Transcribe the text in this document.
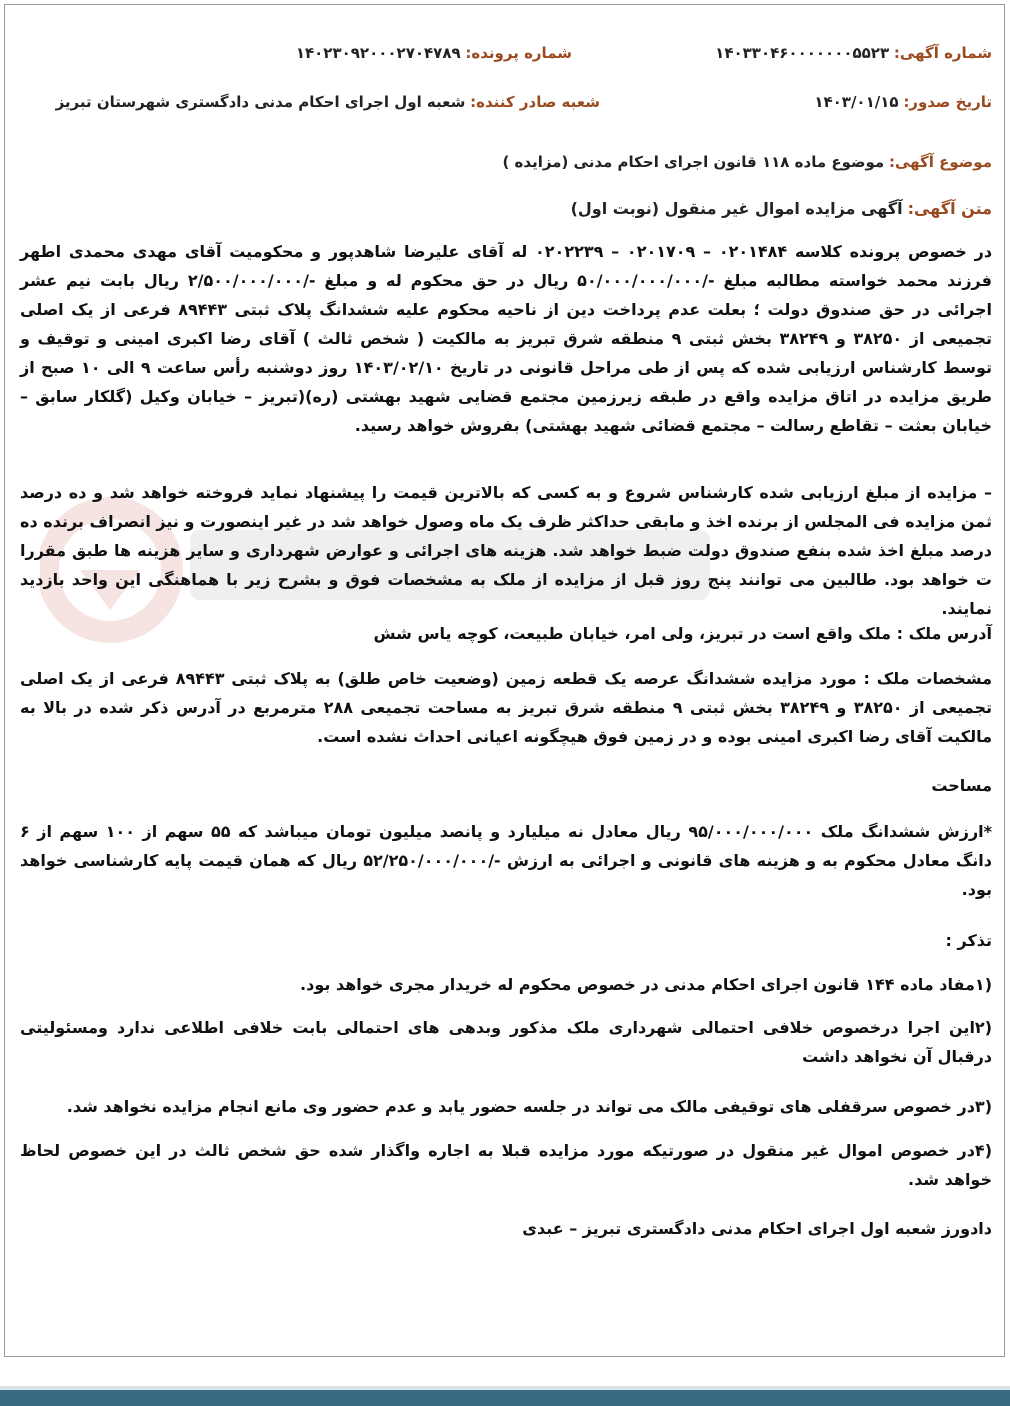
شماره آگهی: ۱۴۰۳۳۰۴۶۰۰۰۰۰۰۰۵۵۲۳
شماره پرونده: ۱۴۰۲۳۰۹۲۰۰۰۲۷۰۴۷۸۹
تاریخ صدور: ۱۴۰۳/۰۱/۱۵
شعبه صادر کننده: شعبه اول اجرای احکام مدنی دادگستری شهرستان تبریز
موضوع آگهی: موضوع ماده ۱۱۸ قانون اجرای احکام مدنی (مزایده )
متن آگهی: آگهی مزایده اموال غیر منقول (نوبت اول)
در خصوص پرونده کلاسه ۰۲۰۱۴۸۴ – ۰۲۰۱۷۰۹ – ۰۲۰۲۲۳۹ له آقای علیرضا شاهدپور و محکومیت آقای مهدی محمدی اطهر فرزند محمد خواسته مطالبه مبلغ -/۵۰/۰۰۰/۰۰۰/۰۰۰ ریال در حق محکوم له و مبلغ -/۲/۵۰۰/۰۰۰/۰۰۰ ریال بابت نیم عشر اجرائی در حق صندوق دولت ؛ بعلت عدم پرداخت دین از ناحیه محکوم علیه ششدانگ پلاک ثبتی ۸۹۴۴۳ فرعی از یک اصلی تجمیعی از ۳۸۲۵۰ و ۳۸۲۴۹ بخش ثبتی ۹ منطقه شرق تبریز به مالکیت ( شخص ثالث ) آقای رضا اکبری امینی و توقیف و توسط کارشناس ارزیابی شده که پس از طی مراحل قانونی در تاریخ ۱۴۰۳/۰۲/۱۰ روز دوشنبه رأس ساعت ۹ الی ۱۰ صبح از طریق مزایده در اتاق مزایده واقع در طبقه زیرزمین مجتمع قضایی شهید بهشتی (ره)(تبریز – خیابان وکیل (گلکار سابق – خیابان بعثت – تقاطع رسالت – مجتمع قضائی شهید بهشتی) بفروش خواهد رسید.
– مزایده از مبلغ ارزیابی شده کارشناس شروع و به کسی که بالاترین قیمت را پیشنهاد نماید فروخته خواهد شد و ده درصد ثمن مزایده فی المجلس از برنده اخذ و مابقی حداکثر ظرف یک ماه وصول خواهد شد در غیر اینصورت و نیز انصراف برنده ده درصد مبلغ اخذ شده بنفع صندوق دولت ضبط خواهد شد. هزینه های اجرائی و عوارض شهرداری و سایر هزینه ها طبق مقررا ت خواهد بود. طالبین می توانند پنج روز قبل از مزایده از ملک به مشخصات فوق و بشرح زیر با هماهنگی این واحد بازدید نمایند.
آدرس ملک : ملک واقع است در تبریز، ولی امر، خیابان طبیعت، کوچه یاس شش
مشخصات ملک : مورد مزایده ششدانگ عرصه یک قطعه زمین (وضعیت خاص طلق) به پلاک ثبتی ۸۹۴۴۳ فرعی از یک اصلی تجمیعی از ۳۸۲۵۰ و ۳۸۲۴۹ بخش ثبتی ۹ منطقه شرق تبریز به مساحت تجمیعی ۲۸۸ مترمربع در آدرس ذکر شده در بالا به مالکیت آقای رضا اکبری امینی بوده و در زمین فوق هیچگونه اعیانی احداث نشده است.
مساحت
*ارزش ششدانگ ملک ۹۵/۰۰۰/۰۰۰/۰۰۰ ریال معادل نه میلیارد و پانصد میلیون تومان میباشد که ۵۵ سهم از ۱۰۰ سهم از ۶ دانگ معادل محکوم به و هزینه های قانونی و اجرائی به ارزش -/۵۲/۲۵۰/۰۰۰/۰۰۰ ریال که همان قیمت پایه کارشناسی خواهد بود.
تذکر :
(۱مفاد ماده ۱۴۴ قانون اجرای احکام مدنی در خصوص محکوم له خریدار مجری خواهد بود.
(۲این اجرا درخصوص خلافی احتمالی شهرداری ملک مذکور وبدهی های احتمالی بابت خلافی اطلاعی ندارد ومسئولیتی درقبال آن نخواهد داشت
(۳در خصوص سرقفلی های توقیفی مالک می تواند در جلسه حضور یابد و عدم حضور وی مانع انجام مزایده نخواهد شد.
(۴در خصوص اموال غیر منقول در صورتیکه مورد مزایده قبلا به اجاره واگذار شده حق شخص ثالث در این خصوص لحاظ خواهد شد.
دادورز شعبه اول اجرای احکام مدنی دادگستری تبریز – عبدی
